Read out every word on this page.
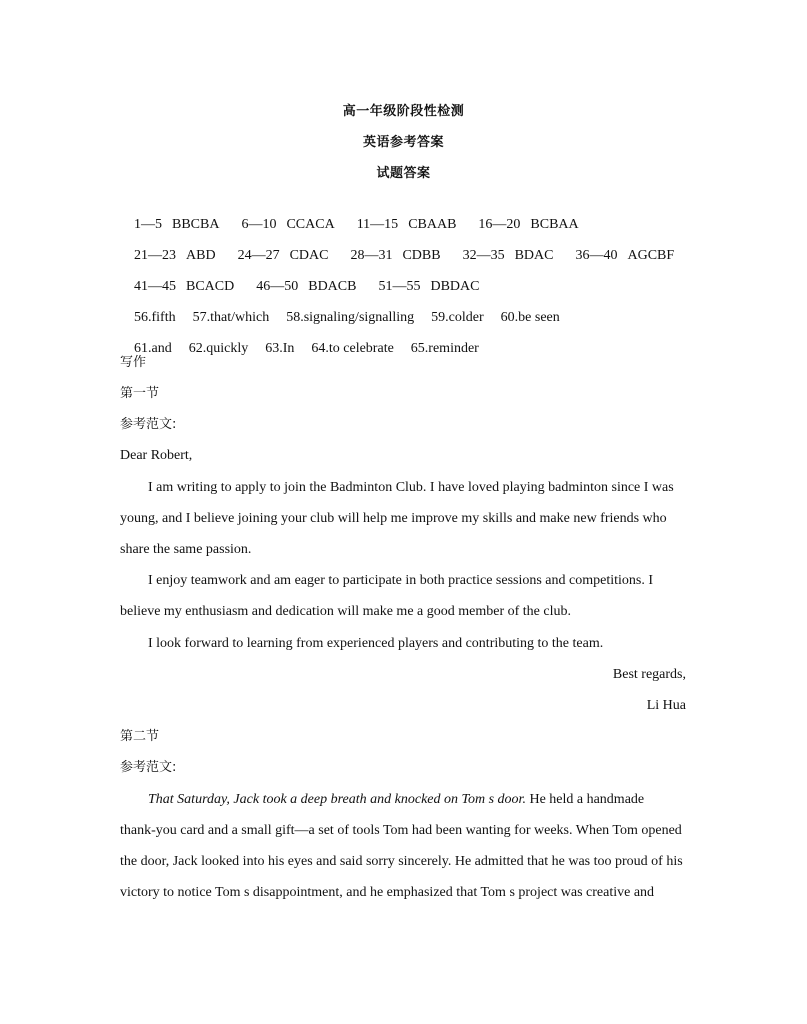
高一年级阶段性检测
英语参考答案
试题答案

1—5 BBCBA 6—10 CCACA 11—15 CBAAB 16—20 BCBAA

21—23 ABD 24—27 CDAC 28—31 CDBB 32—35 BDAC 36—40 AGCBF

41—45 BCACD 46—50 BDACB 51—55 DBDAC

56.fifth 57.that/which 58.signaling/signalling 59.colder 60.be seen

61.and 62.quickly 63.In 64.to celebrate 65.reminder

写作
第一节
参考范文:
Dear Robert,
I am writing to apply to join the Badminton Club. I have loved playing badminton since I was
young, and I believe joining your club will help me improve my skills and make new friends who
share the same passion.
I enjoy teamwork and am eager to participate in both practice sessions and competitions. I
believe my enthusiasm and dedication will make me a good member of the club.
I look forward to learning from experienced players and contributing to the team.
Best regards,
Li Hua
第二节
参考范文:
That Saturday, Jack took a deep breath and knocked on Tom s door. He held a handmade
thank-you card and a small gift—a set of tools Tom had been wanting for weeks. When Tom opened
the door, Jack looked into his eyes and said sorry sincerely. He admitted that he was too proud of his
victory to notice Tom s disappointment, and he emphasized that Tom s project was creative and
